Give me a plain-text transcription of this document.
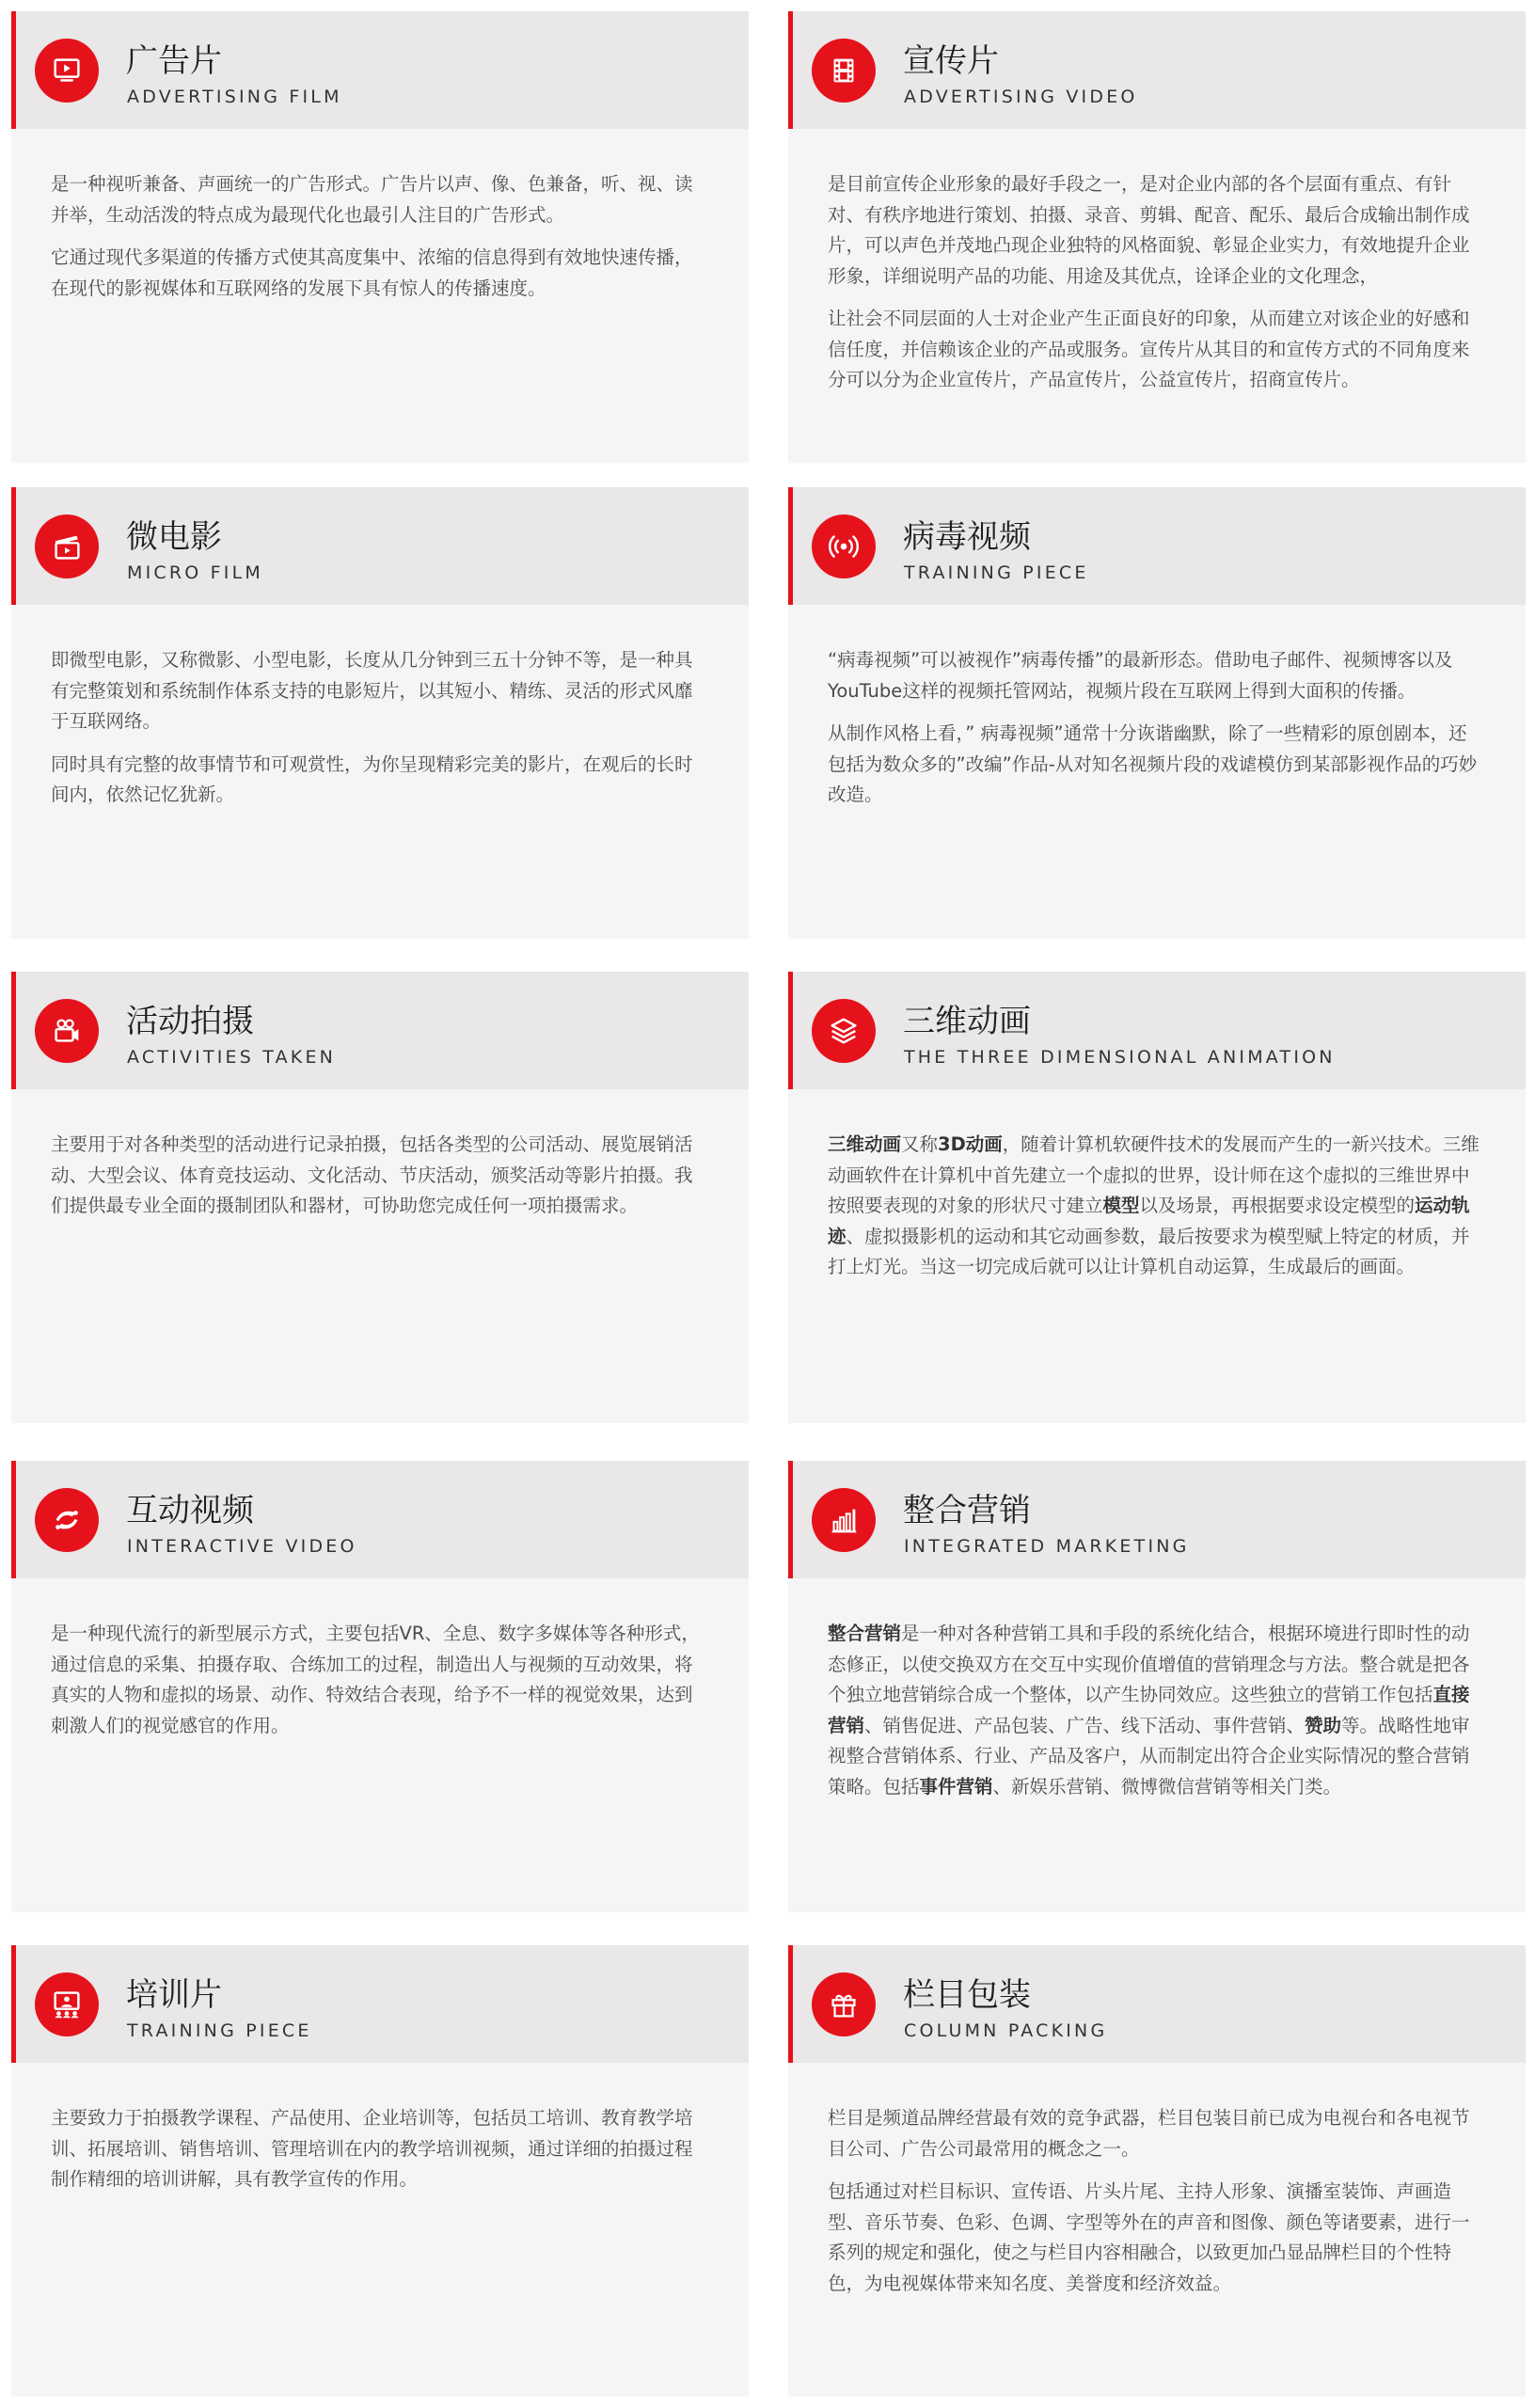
广告片
ADVERTISING FILM

是一种视听兼备、声画统一的广告形式。广告片以声、像、色兼备，听、视、读并举，生动活泼的特点成为最现代化也最引人注目的广告形式。

它通过现代多渠道的传播方式使其高度集中、浓缩的信息得到有效地快速传播，在现代的影视媒体和互联网络的发展下具有惊人的传播速度。

宣传片
ADVERTISING VIDEO

是目前宣传企业形象的最好手段之一，是对企业内部的各个层面有重点、有针对、有秩序地进行策划、拍摄、录音、剪辑、配音、配乐、最后合成输出制作成片，可以声色并茂地凸现企业独特的风格面貌、彰显企业实力，有效地提升企业形象，详细说明产品的功能、用途及其优点，诠译企业的文化理念，

让社会不同层面的人士对企业产生正面良好的印象，从而建立对该企业的好感和信任度，并信赖该企业的产品或服务。宣传片从其目的和宣传方式的不同角度来分可以分为企业宣传片，产品宣传片，公益宣传片，招商宣传片。

微电影
MICRO FILM

即微型电影，又称微影、小型电影，长度从几分钟到三五十分钟不等，是一种具有完整策划和系统制作体系支持的电影短片，以其短小、精练、灵活的形式风靡于互联网络。

同时具有完整的故事情节和可观赏性，为你呈现精彩完美的影片，在观后的长时间内，依然记忆犹新。

病毒视频
TRAINING PIECE

“病毒视频”可以被视作”病毒传播”的最新形态。借助电子邮件、视频博客以及YouTube这样的视频托管网站，视频片段在互联网上得到大面积的传播。

从制作风格上看，” 病毒视频”通常十分诙谐幽默，除了一些精彩的原创剧本，还包括为数众多的”改编”作品-从对知名视频片段的戏谑模仿到某部影视作品的巧妙改造。

活动拍摄
ACTIVITIES TAKEN

主要用于对各种类型的活动进行记录拍摄，包括各类型的公司活动、展览展销活动、大型会议、体育竞技运动、文化活动、节庆活动，颁奖活动等影片拍摄。我们提供最专业全面的摄制团队和器材，可协助您完成任何一项拍摄需求。

三维动画
THE THREE DIMENSIONAL ANIMATION

三维动画又称3D动画，随着计算机软硬件技术的发展而产生的一新兴技术。三维动画软件在计算机中首先建立一个虚拟的世界，设计师在这个虚拟的三维世界中按照要表现的对象的形状尺寸建立模型以及场景，再根据要求设定模型的运动轨迹、虚拟摄影机的运动和其它动画参数，最后按要求为模型赋上特定的材质，并打上灯光。当这一切完成后就可以让计算机自动运算，生成最后的画面。

互动视频
INTERACTIVE VIDEO

是一种现代流行的新型展示方式，主要包括VR、全息、数字多媒体等各种形式，通过信息的采集、拍摄存取、合练加工的过程，制造出人与视频的互动效果，将真实的人物和虚拟的场景、动作、特效结合表现，给予不一样的视觉效果，达到刺激人们的视觉感官的作用。

整合营销
INTEGRATED MARKETING

整合营销是一种对各种营销工具和手段的系统化结合，根据环境进行即时性的动态修正，以使交换双方在交互中实现价值增值的营销理念与方法。整合就是把各个独立地营销综合成一个整体，以产生协同效应。这些独立的营销工作包括直接营销、销售促进、产品包装、广告、线下活动、事件营销、赞助等。战略性地审视整合营销体系、行业、产品及客户，从而制定出符合企业实际情况的整合营销策略。包括事件营销、新娱乐营销、微博微信营销等相关门类。

培训片
TRAINING PIECE

主要致力于拍摄教学课程、产品使用、企业培训等，包括员工培训、教育教学培训、拓展培训、销售培训、管理培训在内的教学培训视频，通过详细的拍摄过程制作精细的培训讲解，具有教学宣传的作用。

栏目包装
COLUMN PACKING

栏目是频道品牌经营最有效的竞争武器，栏目包装目前已成为电视台和各电视节目公司、广告公司最常用的概念之一。

包括通过对栏目标识、宣传语、片头片尾、主持人形象、演播室装饰、声画造型、音乐节奏、色彩、色调、字型等外在的声音和图像、颜色等诸要素，进行一系列的规定和强化，使之与栏目内容相融合，以致更加凸显品牌栏目的个性特色，为电视媒体带来知名度、美誉度和经济效益。
